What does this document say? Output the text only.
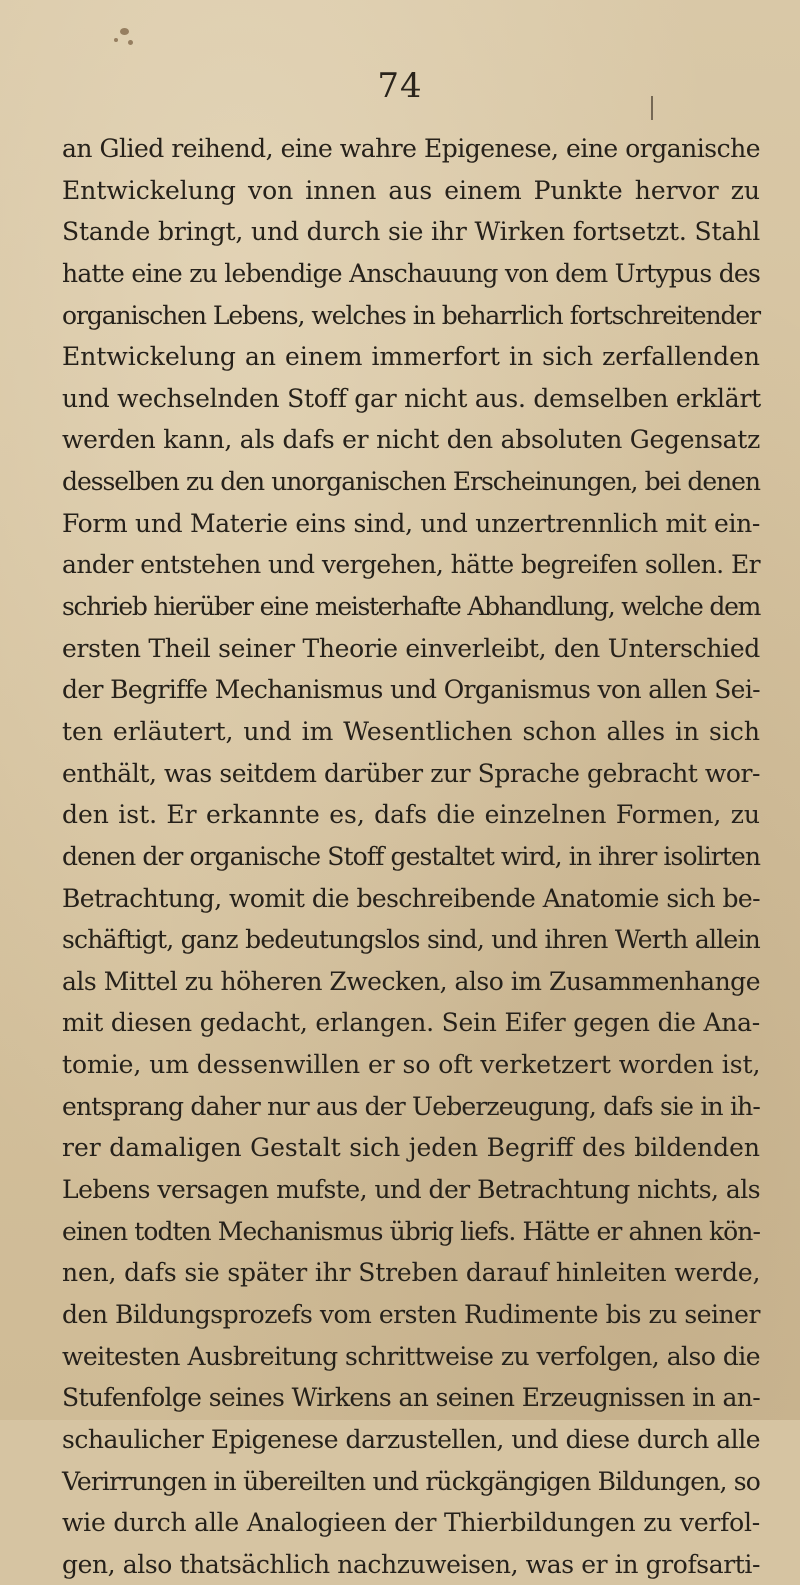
74
an Glied reihend, eine wahre Epigenese, eine organische
Entwickelung von innen aus einem Punkte hervor zu
Stande bringt, und durch sie ihr Wirken fortsetzt. Stahl
hatte eine zu lebendige Anschauung von dem Urtypus des
organischen Lebens, welches in beharrlich fortschreitender
Entwickelung an einem immerfort in sich zerfallenden
und wechselnden Stoff gar nicht aus. demselben erklärt
werden kann, als dafs er nicht den absoluten Gegensatz
desselben zu den unorganischen Erscheinungen, bei denen
Form und Materie eins sind, und unzertrennlich mit ein-
ander entstehen und vergehen, hätte begreifen sollen. Er
schrieb hierüber eine meisterhafte Abhandlung, welche dem
ersten Theil seiner Theorie einverleibt, den Unterschied
der Begriffe Mechanismus und Organismus von allen Sei-
ten erläutert, und im Wesentlichen schon alles in sich
enthält, was seitdem darüber zur Sprache gebracht wor-
den ist. Er erkannte es, dafs die einzelnen Formen, zu
denen der organische Stoff gestaltet wird, in ihrer isolirten
Betrachtung, womit die beschreibende Anatomie sich be-
schäftigt, ganz bedeutungslos sind, und ihren Werth allein
als Mittel zu höheren Zwecken, also im Zusammenhange
mit diesen gedacht, erlangen. Sein Eifer gegen die Ana-
tomie, um dessenwillen er so oft verketzert worden ist,
entsprang daher nur aus der Ueberzeugung, dafs sie in ih-
rer damaligen Gestalt sich jeden Begriff des bildenden
Lebens versagen mufste, und der Betrachtung nichts, als
einen todten Mechanismus übrig liefs. Hätte er ahnen kön-
nen, dafs sie später ihr Streben darauf hinleiten werde,
den Bildungsprozefs vom ersten Rudimente bis zu seiner
weitesten Ausbreitung schrittweise zu verfolgen, also die
Stufenfolge seines Wirkens an seinen Erzeugnissen in an-
schaulicher Epigenese darzustellen, und diese durch alle
Verirrungen in übereilten und rückgängigen Bildungen, so
wie durch alle Analogieen der Thierbildungen zu verfol-
gen, also thatsächlich nachzuweisen, was er in grofsarti-
